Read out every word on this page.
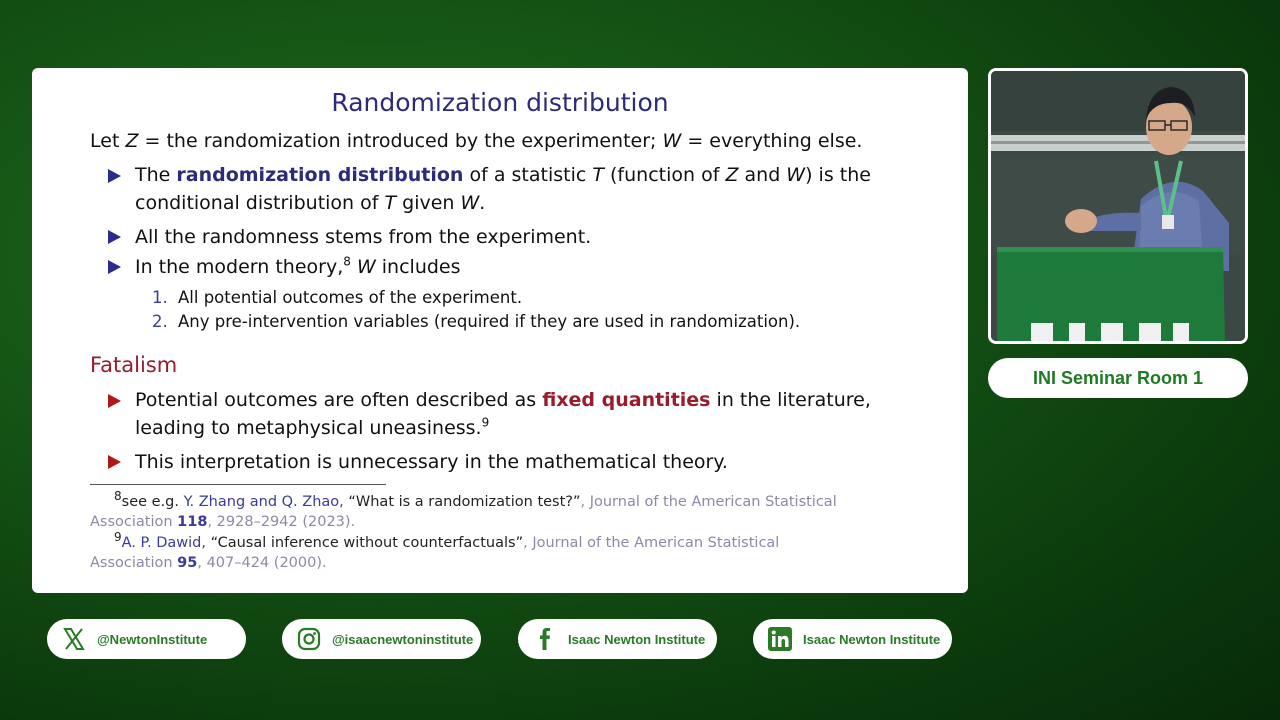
Randomization distribution
Let Z = the randomization introduced by the experimenter; W = everything else.
The randomization distribution of a statistic T (function of Z and W) is the
conditional distribution of T given W.
All the randomness stems from the experiment.
In the modern theory,$^8$ W includes
1. All potential outcomes of the experiment.
2. Any pre-intervention variables (required if they are used in randomization).
Fatalism
Potential outcomes are often described as fixed quantities in the literature,
leading to metaphysical uneasiness.$^9$
This interpretation is unnecessary in the mathematical theory.
$^8$see e.g. Y. Zhang and Q. Zhao, “What is a randomization test?”, Journal of the American Statistical
Association 118, 2928–2942 (2023).
$^9$A. P. Dawid, “Causal inference without counterfactuals”, Journal of the American Statistical
Association 95, 407–424 (2000).
INI Seminar Room 1
@NewtonInstitute	@isaacnewtoninstitute	Isaac Newton Institute	Isaac Newton Institute
